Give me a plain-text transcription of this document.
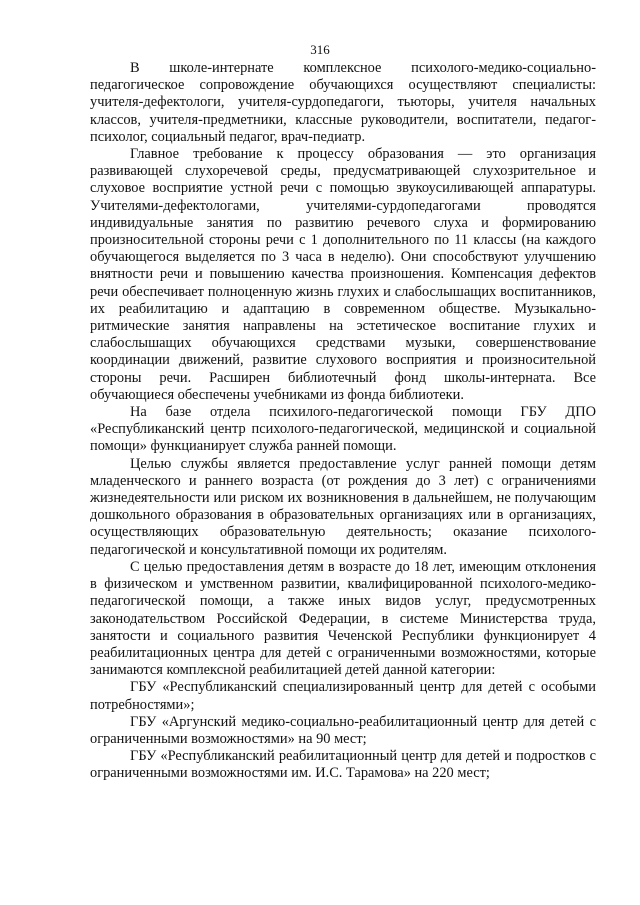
316

В школе-интернате комплексное психолого-медико-социально-педагогическое сопровождение обучающихся осуществляют специалисты: учителя-дефектологи, учителя-сурдопедагоги, тьюторы, учителя начальных классов, учителя-предметники, классные руководители, воспитатели, педагог-психолог, социальный педагог, врач-педиатр.

Главное требование к процессу образования — это организация развивающей слухоречевой среды, предусматривающей слухозрительное и слуховое восприятие устной речи с помощью звукоусиливающей аппаратуры. Учителями-дефектологами, учителями-сурдопедагогами проводятся индивидуальные занятия по развитию речевого слуха и формированию произносительной стороны речи с 1 дополнительного по 11 классы (на каждого обучающегося выделяется по 3 часа в неделю). Они способствуют улучшению внятности речи и повышению качества произношения. Компенсация дефектов речи обеспечивает полноценную жизнь глухих и слабослышащих воспитанников, их реабилитацию и адаптацию в современном обществе. Музыкально-ритмические занятия направлены на эстетическое воспитание глухих и слабослышащих обучающихся средствами музыки, совершенствование координации движений, развитие слухового восприятия и произносительной стороны речи. Расширен библиотечный фонд школы-интерната. Все обучающиеся обеспечены учебниками из фонда библиотеки.

На базе отдела психилого-педагогической помощи ГБУ ДПО «Республиканский центр психолого-педагогической, медицинской и социальной помощи» функцианирует служба ранней помощи.

Целью службы является предоставление услуг ранней помощи детям младенческого и раннего возраста (от рождения до 3 лет) с ограничениями жизнедеятельности или риском их возникновения в дальнейшем, не получающим дошкольного образования в образовательных организациях или в организациях, осуществляющих образовательную деятельность; оказание психолого-педагогической и консультативной помощи их родителям.

С целью предоставления детям в возрасте до 18 лет, имеющим отклонения в физическом и умственном развитии, квалифицированной психолого-медико-педагогической помощи, а также иных видов услуг, предусмотренных законодательством Российской Федерации, в системе Министерства труда, занятости и социального развития Чеченской Республики функционирует 4 реабилитационных центра для детей с ограниченными возможностями, которые занимаются комплексной реабилитацией детей данной категории:

ГБУ «Республиканский специализированный центр для детей с особыми потребностями»;

ГБУ «Аргунский медико-социально-реабилитационный центр для детей с ограниченными возможностями» на 90 мест;

ГБУ «Республиканский реабилитационный центр для детей и подростков с ограниченными возможностями им. И.С. Тарамова» на 220 мест;
